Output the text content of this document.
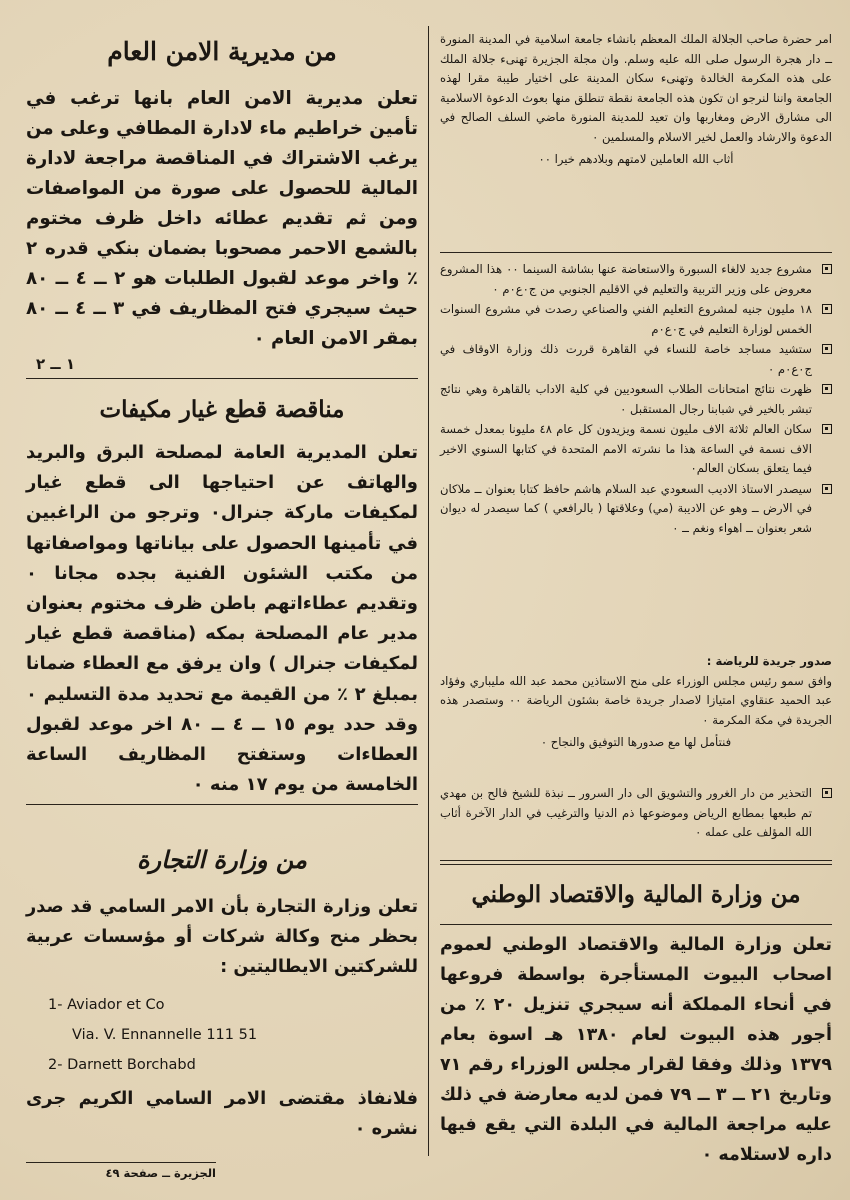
امر حضرة صاحب الجلالة الملك المعظم بانشاء جامعة اسلامية في المدينة المنورة ــ دار هجرة الرسول صلى الله عليه وسلم. وان مجلة الجزيرة تهنىء جلالة الملك على هذه المكرمة الخالدة وتهنىء سكان المدينة على اختيار طيبة مقرا لهذه الجامعة واننا لنرجو ان تكون هذه الجامعة نقطة تنطلق منها بعوث الدعوة الاسلامية الى مشارق الارض ومغاربها وان تعيد للمدينة المنورة ماضي السلف الصالح في الدعوة والارشاد والعمل لخير الاسلام والمسلمين ٠

أثاب الله العاملين لامتهم وبلادهم خيرا ٠٠

مشروع جديد لالغاء السبورة والاستعاضة عنها بشاشة السينما ٠٠ هذا المشروع معروض على وزير التربية والتعليم في الاقليم الجنوبي من ج٠ع٠م ٠
١٨ مليون جنيه لمشروع التعليم الفني والصناعي رصدت في مشروع السنوات الخمس لوزارة التعليم في ج٠ع٠م
ستشيد مساجد خاصة للنساء في القاهرة قررت ذلك وزارة الاوقاف في ج٠ع٠م ٠
ظهرت نتائج امتحانات الطلاب السعوديين في كلية الاداب بالقاهرة وهي نتائج تبشر بالخير في شبابنا رجال المستقبل ٠
سكان العالم ثلاثة الاف مليون نسمة ويزيدون كل عام ٤٨ مليونا بمعدل خمسة الاف نسمة في الساعة هذا ما نشرته الامم المتحدة في كتابها السنوي الاخير فيما يتعلق بسكان العالم٠
سيصدر الاستاذ الاديب السعودي عبد السلام هاشم حافظ كتابا بعنوان ــ ملاكان في الارض ــ وهو عن الاديبة (مي) وعلاقتها ( بالرافعي ) كما سيصدر له ديوان شعر بعنوان ــ اهواء ونغم ــ ٠
صدور جريدة للرياضة :

وافق سمو رئيس مجلس الوزراء على منح الاستاذين محمد عبد الله مليباري وفؤاد عبد الحميد عنقاوي امتيازا لاصدار جريدة خاصة بشئون الرياضة ٠٠ وستصدر هذه الجريدة في مكة المكرمة ٠

فنتأمل لها مع صدورها التوفيق والنجاح ٠

التحذير من دار الغرور والتشويق الى دار السرور ــ نبذة للشيخ فالح بن مهدي تم طبعها بمطابع الرياض وموضوعها ذم الدنيا والترغيب في الدار الآخرة أثاب الله المؤلف على عمله ٠
من وزارة المالية والاقتصاد الوطني
تعلن وزارة المالية والاقتصاد الوطني لعموم اصحاب البيوت المستأجرة بواسطة فروعها في أنحاء المملكة أنه سيجري تنزيل ٢٠ ٪ من أجور هذه البيوت لعام ١٣٨٠ هـ اسوة بعام ١٣٧٩ وذلك وفقا لقرار مجلس الوزراء رقم ٧١ وتاريخ ٢١ ــ ٣ ــ ٧٩ فمن لديه معارضة في ذلك عليه مراجعة المالية في البلدة التي يقع فيها داره لاستلامه ٠
من مديرية الامن العام
تعلن مديرية الامن العام بانها ترغب في تأمين خراطيم ماء لادارة المطافي وعلى من يرغب الاشتراك في المناقصة مراجعة لادارة المالية للحصول على صورة من المواصفات ومن ثم تقديم عطائه داخل ظرف مختوم بالشمع الاحمر مصحوبا بضمان بنكي قدره ٢ ٪ واخر موعد لقبول الطلبات هو ٢ ــ ٤ ــ ٨٠ حيث سيجري فتح المظاريف في ٣ ــ ٤ ــ ٨٠ بمقر الامن العام ٠
١ ــ ٢
مناقصة قطع غيار مكيفات
تعلن المديرية العامة لمصلحة البرق والبريد والهاتف عن احتياجها الى قطع غيار لمكيفات ماركة جنرال٠ وترجو من الراغبين في تأمينها الحصول على بياناتها ومواصفاتها من مكتب الشئون الفنية بجده مجانا ٠ وتقديم عطاءاتهم باطن ظرف مختوم بعنوان مدير عام المصلحة بمكه (مناقصة قطع غيار لمكيفات جنرال ) وان يرفق مع العطاء ضمانا بمبلغ ٢ ٪ من القيمة مع تحديد مدة التسليم ٠ وقد حدد يوم ١٥ ــ ٤ ــ ٨٠ اخر موعد لقبول العطاءات وستفتح المظاريف الساعة الخامسة من يوم ١٧ منه ٠
من وزارة التجارة
تعلن وزارة التجارة بأن الامر السامي قد صدر بحظر منح وكالة شركات أو مؤسسات عربية للشركتين الايطاليتين :
1- Aviador et Co
Via. V. Ennannelle 111 51
2- Darnett Borchabd
فلانفاذ مقتضى الامر السامي الكريم جرى نشره ٠
الجزيرة ــ صفحة ٤٩
